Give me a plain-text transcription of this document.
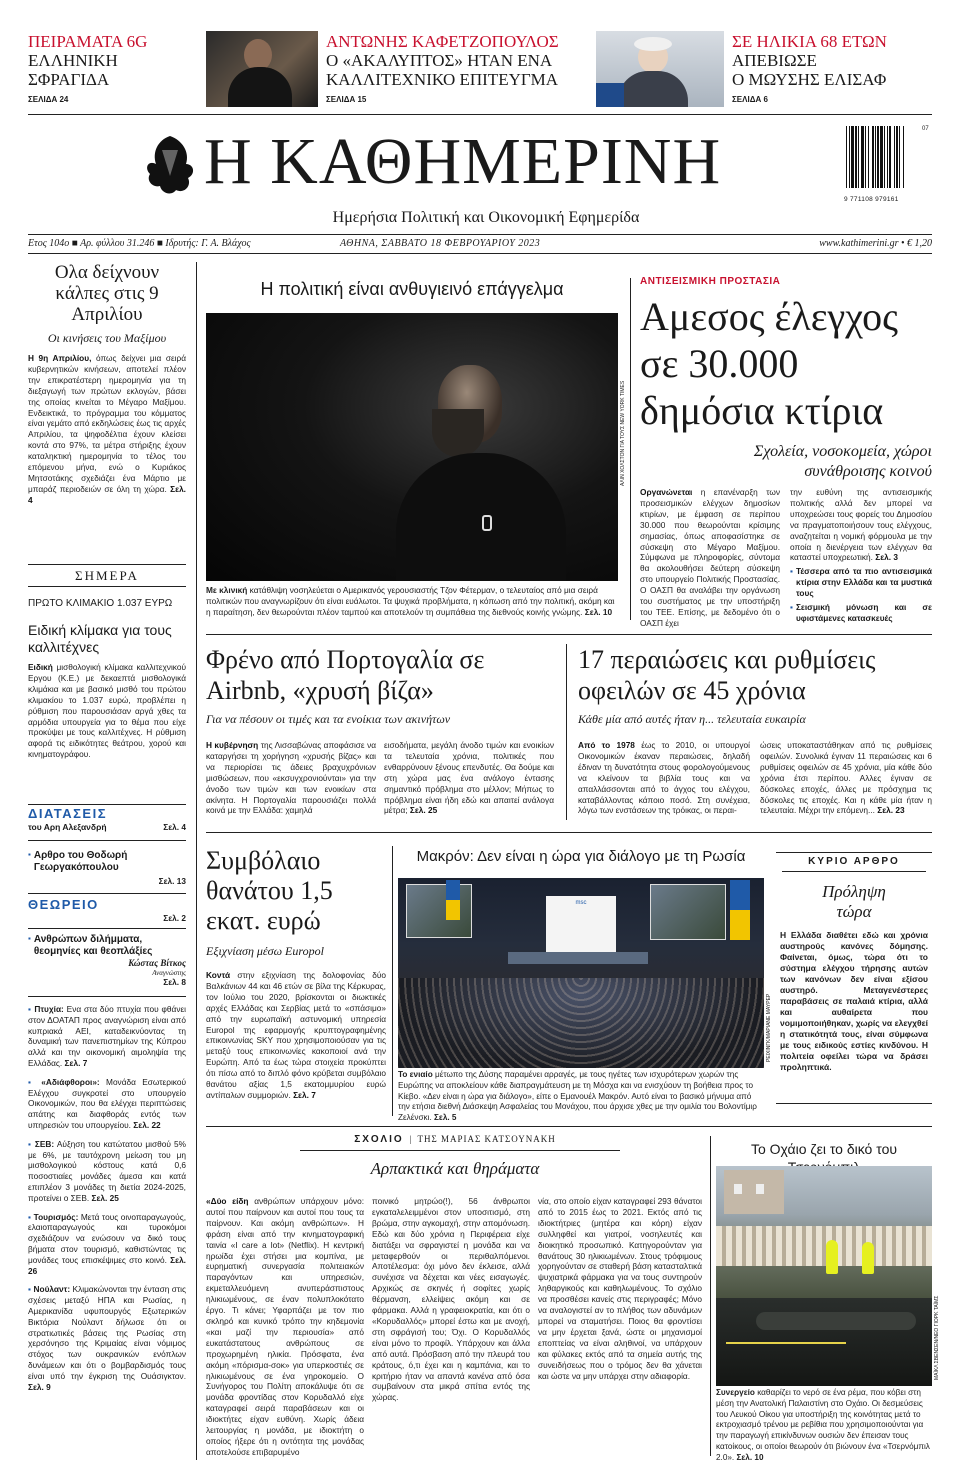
ΠΕΙΡΑΜΑΤΑ 6G
ΕΛΛΗΝΙΚΗ
ΣΦΡΑΓΙΔΑ
ΣΕΛΙΔΑ 24
ΑΝΤΩΝΗΣ ΚΑΦΕΤΖΟΠΟΥΛΟΣ
Ο «ΑΚΑΛΥΠΤΟΣ» ΗΤΑΝ ΕΝΑ
ΚΑΛΛΙΤΕΧΝΙΚΟ ΕΠΙΤΕΥΓΜΑ
ΣΕΛΙΔΑ 15
ΣΕ ΗΛΙΚΙΑ 68 ΕΤΩΝ
ΑΠΕΒΙΩΣΕ
Ο ΜΩΥΣΗΣ ΕΛΙΣΑΦ
ΣΕΛΙΔΑ 6
Η ΚΑΘΗΜΕΡΙΝΗ
Ημερήσια Πολιτική και Οικονομική Εφημερίδα
9 771108 979161
07
Ετος 104ο ■ Αρ. φύλλου 31.246 ■ Ιδρυτής: Γ. Α. Βλάχος	ΑΘΗΝΑ, ΣΑΒΒΑΤΟ 18 ΦΕΒΡΟΥΑΡΙΟΥ 2023	www.kathimerini.gr • € 1,20
Ολα δείχνουν κάλπες στις 9 Απριλίου
Οι κινήσεις του Μαξίμου

Η 9η Απριλίου, όπως δείχνει μια σειρά κυβερνητικών κινήσεων, αποτελεί πλέον την επικρατέστερη ημερομηνία για τη διεξαγωγή των πρώτων εκλογών, βάσει της οποίας κινείται το Μέγαρο Μαξίμου. Ενδεικτικά, το πρόγραμμα του κόμματος είναι γεμάτο από εκδηλώσεις έως τις αρχές Απριλίου, τα ψηφοδέλτια έχουν κλείσει κοντά στο 97%, τα μέτρα στήριξης έχουν καταληκτική ημερομηνία το τέλος του επόμενου μήνα, ενώ ο Κυριάκος Μητσοτάκης σχεδιάζει ένα Μάρτιο με μπαράζ περιοδειών σε όλη τη χώρα. Σελ. 4

ΣΗΜΕΡΑ
ΠΡΩΤΟ ΚΛΙΜΑΚΙΟ 1.037 ΕΥΡΩ
Ειδική κλίμακα για τους καλλιτέχνες

Ειδική μισθολογική κλίμακα καλλιτεχνικού Εργου (Κ.Ε.) με δεκαεπτά μισθολογικά κλιμάκια και με βασικό μισθό του πρώτου κλιμακίου το 1.037 ευρώ, προβλέπει η ρύθμιση που παρουσιάσαν αργά χθες τα αρμόδια υπουργεία για το θέμα που είχε προκύψει με τους καλλιτέχνες. Η ρύθμιση αφορά τις ειδικότητες θεάτρου, χορού και κινηματογράφου.

ΔΙΑΤΑΣΕΙΣ
του Αρη Αλεξανδρή	Σελ. 4
▪ Αρθρο του Θοδωρή Γεωργακόπουλου
Σελ. 13
ΘΕΩΡΕΙΟ
Σελ. 2
▪ Ανθρώπων διλήμματα, θεομηνίες και θεοπλάξίες
Κώστας Βίτκος
Αναγνώστης
Σελ. 8

▪ Πτυχία: Ενα στα δύο πτυχία που φθάνει στον ΔΟΑΤΑΠ προς αναγνώριση είναι από κυπριακά ΑΕΙ, καταδεικνύοντας τη δυναμική των πανεπιστημίων της Κύπρου αλλά και την οικονομική αιμοληψία της Ελλάδας. Σελ. 7

▪ «Αδιάφθοροι»: Μονάδα Εσωτερικού Ελέγχου συγκροτεί στο υπουργείο Οικονομικών, που θα ελέγχει περιπτώσεις απάτης και διαφθοράς εντός των υπηρεσιών του υπουργείου. Σελ. 22

▪ ΣΕΒ: Αύξηση του κατώτατου μισθού 5% με 6%, με ταυτόχρονη μείωση του μη μισθολογικού κόστους κατά 0,6 ποσοστιαίες μονάδες άμεσα και κατά επιπλέον 3 μονάδες τη διετία 2024-2025, προτείνει ο ΣΕΒ. Σελ. 25

▪ Τουρισμός: Μετά τους οινοπαραγωγούς, ελαιοπαραγωγούς και τυροκόμοι σχεδιάζουν να ενώσουν να δικό τους βήματα στον τουρισμό, καθιστώντας τις μονάδες τους επισκέψιμες στο κοινό. Σελ. 26

▪ Νούλαντ: Κλιμακώνονται την ένταση στις σχέσεις μεταξύ ΗΠΑ και Ρωσίας, η Αμερικανίδα υφυπουργός Εξωτερικών Βικτόρια Νούλαντ δήλωσε ότι οι στρατιωτικές βάσεις της Ρωσίας στη χερσόνησο της Κριμαίας είναι νόμιμος στόχος των ουκρανικών ενόπλων δυνάμεων και ότι ο βομβαρδισμός τους είναι υπό την έγκριση της Ουάσιγκτον. Σελ. 9

Η πολιτική είναι ανθυγιεινό επάγγελμα
ΑΛΙΝ ΧΟΛΣΤΟΝ ΓΙΑ ΤΟΥΣ NEW YORK TIMES

Με κλινική κατάθλιψη νοσηλεύεται ο Αμερικανός γερουσιαστής Τζον Φέτερμαν, ο τελευταίος από μια σειρά πολιτικών που αναγνωρίζουν ότι είναι ευάλωτοι. Τα ψυχικά προβλήματα, η κόπωση από την πολιτική, ακόμη και η παραίτηση, δεν θεωρούνται πλέον ταμπού και αποτελούν τη συμπάθεια της διεθνούς κοινής γνώμης. Σελ. 10

ΑΝΤΙΣΕΙΣΜΙΚΗ ΠΡΟΣΤΑΣΙΑ
Αμεσος έλεγχος σε 30.000 δημόσια κτίρια
Σχολεία, νοσοκομεία, χώροι συνάθροισης κοινού

Οργανώνεται η επανέναρξη των προσεισμικών ελέγχων δημοσίων κτιρίων, με έμφαση σε περίπου 30.000 που θεωρούνται κρίσιμης σημασίας, όπως αποφασίστηκε σε σύσκεψη στο Μέγαρο Μαξίμου. Σύμφωνα με πληροφορίες, σύντομα θα ακολουθήσει δεύτερη σύσκεψη στο υπουργείο Πολιτικής Προστασίας. Ο ΟΑΣΠ θα αναλάβει την οργάνωση του συστήματος με την υποστήριξη του ΤΕΕ. Επίσης, με δεδομένο ότι ο ΟΑΣΠ έχει

την ευθύνη της αντισεισμικής πολιτικής αλλά δεν μπορεί να υποχρεώσει τους φορείς του Δημοσίου να πραγματοποιήσουν τους ελέγχους, αναζητείται η νομική φόρμουλα με την οποία η διενέργεια των ελέγχων θα καταστεί υποχρεωτική. Σελ. 3

▪ Τέσσερα από τα πιο αντισεισμικά κτίρια στην Ελλάδα και τα μυστικά τους
▪ Σεισμική μόνωση και σε υφιστάμενες κατασκευές
Φρένο από Πορτογαλία σε Airbnb, «χρυσή βίζα»
Για να πέσουν οι τιμές και τα ενοίκια των ακινήτων

Η κυβέρνηση της Λισσαβώνας αποφάσισε να καταργήσει τη χορήγηση «χρυσής βίζας» και να περιορίσει τις άδειες βραχυχρόνιων μισθώσεων, που «εκσυγχρονιούνται» για την άνοδο των τιμών και των ενοικίων στα ακίνητα. Η Πορτογαλία παρουσιάζει πολλά κοινά με την Ελλάδα: χαμηλά

εισοδήματα, μεγάλη άνοδο τιμών και ενοικίων τα τελευταία χρόνια, πολιτικές που ενθαρρύνουν ξένους επενδυτές. Θα δούμε και στη χώρα μας ένα ανάλογο έντασης σημαντικό πρόβλημα στο μέλλον; Μήπως το πρόβλημα είναι ήδη εδώ και απαιτεί ανάλογα μέτρα; Σελ. 25

17 περαιώσεις και ρυθμίσεις οφειλών σε 45 χρόνια
Κάθε μία από αυτές ήταν η... τελευταία ευκαιρία

Από το 1978 έως το 2010, οι υπουργοί Οικονομικών έκαναν περαιώσεις, δηλαδή έδιναν τη δυνατότητα στους φορολογούμενους να κλείνουν τα βιβλία τους και να απαλλάσσονται από το άγχος του ελέγχου, καταβάλλοντας κάποιο ποσό. Στη συνέχεια, λόγω των ενστάσεων της τρόικας, οι περαι-

ώσεις υποκαταστάθηκαν από τις ρυθμίσεις οφειλών. Συνολικά έγιναν 11 περαιώσεις και 6 ρυθμίσεις οφειλών σε 45 χρόνια, μία κάθε δύο χρόνια έτσι περίπου. Αλλες έγιναν σε δύσκολες εποχές, άλλες με πρόσχημα τις δύσκολες τις εποχές. Και η κάθε μία ήταν η τελευταία. Μέχρι την επόμενη... Σελ. 23

Συμβόλαιο θανάτου 1,5 εκατ. ευρώ
Εξιχνίαση μέσω Europol

Κοντά στην εξιχνίαση της δολοφονίας δύο Βαλκάνιων 44 και 46 ετών σε βίλα της Κέρκυρας, τον Ιούλιο του 2020, βρίσκονται οι διωκτικές αρχές Ελλάδας και Σερβίας μετά το «σπάσιμο» από την ευρωπαϊκή αστυνομική υπηρεσία Europol της εφαρμογής κρυπτογραφημένης επικοινωνίας SKY που χρησιμοποιούσαν για τις μεταξύ τους επικοινωνίες κακοποιοί ανά την Ευρώπη. Από τα έως τώρα στοιχεία προκύπτει ότι πίσω από το διπλό φόνο κρύβεται συμβόλαιο θανάτου αξίας 1,5 εκατομμυρίου ευρώ αντίπαλων συμμοριών. Σελ. 7

Μακρόν: Δεν είναι η ώρα για διάλογο με τη Ρωσία
msc
ΡΕΙΧΙΝΓΚ/ΜΑΡΙΑΝΕ ΜΑΥΡΕΡ

Το ενιαίο μέτωπο της Δύσης παραμένει αρραγές, με τους ηγέτες των ισχυρότερων χωρών της Ευρώπης να αποκλείουν κάθε διαπραγμάτευση με τη Μόσχα και να ενισχύουν τη βοήθεια προς το Κίεβο. «Δεν είναι η ώρα για διάλογο», είπε ο Εμανουέλ Μακρόν. Αυτό είναι το βασικό μήνυμα από την ετήσια διεθνή Διάσκεψη Ασφαλείας του Μονάχου, που άρχισε χθες με την ομιλία του Βολοντίμιρ Ζελένσκι. Σελ. 5

ΚΥΡΙΟ ΑΡΘΡΟ
Πρόληψη τώρα

Η Ελλάδα διαθέτει εδώ και χρόνια αυστηρούς κανόνες δόμησης. Φαίνεται, όμως, τώρα ότι το σύστημα ελέγχου τήρησης αυτών των κανόνων δεν είναι εξίσου αυστηρό. Μεταγενέστερες παραβάσεις σε παλαιά κτίρια, αλλά και αυθαίρετα που νομιμοποιήθηκαν, χωρίς να ελεγχθεί η στατικότητά τους, είναι σύμφωνα με τους ειδικούς εστίες κινδύνου. Η πολιτεία οφείλει τώρα να δράσει προληπτικά.

ΣΧΟΛΙΟ | ΤΗΣ ΜΑΡΙΑΣ ΚΑΤΣΟΥΝΑΚΗ
Αρπακτικά και θηράματα

«Δύο είδη ανθρώπων υπάρχουν μόνο: αυτοί που παίρνουν και αυτοί που τους τα παίρνουν. Και ακόμη ανθρώπων». Η φράση είναι από την κινηματογραφική ταινία «I care a lot» (Netflix). Η κεντρική ηρωίδα έχει στήσει μια κομπίνα, με ευρηματική συνεργασία πολιτειακών παραγόντων και υπηρεσιών, εκμεταλλευόμενη ανυπεράσπιστους ηλικιωμένους, σε έναν πολυπλοκότατο έργο. Τι κάνει; Υφαρπάζει με τον πιο σκληρό και κυνικό τρόπο την κηδεμονία «και μαζί την περιουσία» από ευκατάστατους ανθρώπους σε προχωρημένη ηλικία. Πρόσφατα, ένα ακόμη «πόρισμα-σοκ» για υπερκοστιές σε ηλικιωμένους σε ένα γηροκομείο. Ο Συνήγορος του Πολίτη αποκάλυψε ότι σε μονάδα φροντίδας στον Κορυδαλλό είχε καταγραφεί σειρά παραβάσεων και οι ιδιοκτήτες είχαν ευθύνη. Χωρίς άδεια λειτουργίας η μονάδα, με ιδιοκτήτη ο οποίος ήξερε ότι η οντότητα της μονάδας αποτελούσε επιβαρυμένο

ποινικό μητρώο(!), 56 άνθρωποι εγκαταλελειμμένοι στον υποσιτισμό, στη βρώμα, στην αγκομαχή, στην απομόνωση. Εδώ και δύο χρόνια η Περιφέρεια είχε διατάξει να σφραγιστεί η μονάδα και να μεταφερθούν οι περιθαλπόμενοι. Αποτέλεσμα: όχι μόνο δεν έκλεισε, αλλά συνέχισε να δέχεται και νέες εισαγωγές. Αρχικώς σε σκηνές ή σοφίτες χωρίς θέρμανση, ελλείψεις ακόμη και σε φάρμακα. Αλλά η γραφειοκρατία, και ότι ο «Κορυδαλλός» μπορεί έστω και με ανοχή, στη σφράγισή του; Όχι. Ο Κορυδαλλός είναι μόνο το προφίλ. Υπάρχουν και άλλα από αυτά. Πρόσβαση από την πλευρά του κράτους, ό,τι έχει και η καμπάνια, και το κριτήριο ήταν να απαντά κανένα από όσα συμβαίνουν στα μικρά σπίτια εντός της χώρας.

νία, στο οποίο είχαν καταγραφεί 293 θάνατοι από το 2015 έως το 2021. Εκτός από τις ιδιοκτήτριες (μητέρα και κόρη) είχαν συλληφθεί και γιατροί, νοσηλευτές και διοικητικό προσωπικό. Κατηγορούνταν για θανάτους 30 ηλικιωμένων. Στους τρόφιμους χορηγούνταν σε σταθερή βάση κατασταλτικά ψυχιατρικά φάρμακα για να τους συντηρούν ληθαργικούς και καθηλωμένους. Το σχόλιο να προσθέσει κανείς στις περιγραφές; Μόνο να αναλογιστεί αν το πλήθος των αδυνάμων μπορεί να σταματήσει. Ποιος θα φροντίσει να μην έρχεται ξανά, ώστε οι μηχανισμοί εποπτείας να είναι αληθινοί, να υπάρχουν και φύλακες εκτός από τα σημεία αυτής της συνειδήσεως που ο τρόμος δεν θα χάνεται και ώστε να μην υπάρχει στην αδιαφορία.

Το Οχάιο ζει το δικό του
ΜΑΪΚΛ ΣΒΕΝΣΕΝ/ΝΕΟ ΓΙΟΡΚ ΤΑΪΜΣ

Συνεργείο καθαρίζει το νερό σε ένα ρέμα, που κόβει στη μέση την Ανατολική Παλαιστίνη στο Οχάιο. Οι δεσμεύσεις του Λευκού Οίκου για υποστήριξη της κοινότητας μετά το εκτροχιασμό τρένου με ρεβίθια που χρησιμοποιούνται για την παραγωγή επικίνδυνων ουσιών δεν έπεισαν τους κατοίκους, οι οποίοι θεωρούν ότι βιώνουν ένα «Τσερνόμπιλ 2.0». Σελ. 10
